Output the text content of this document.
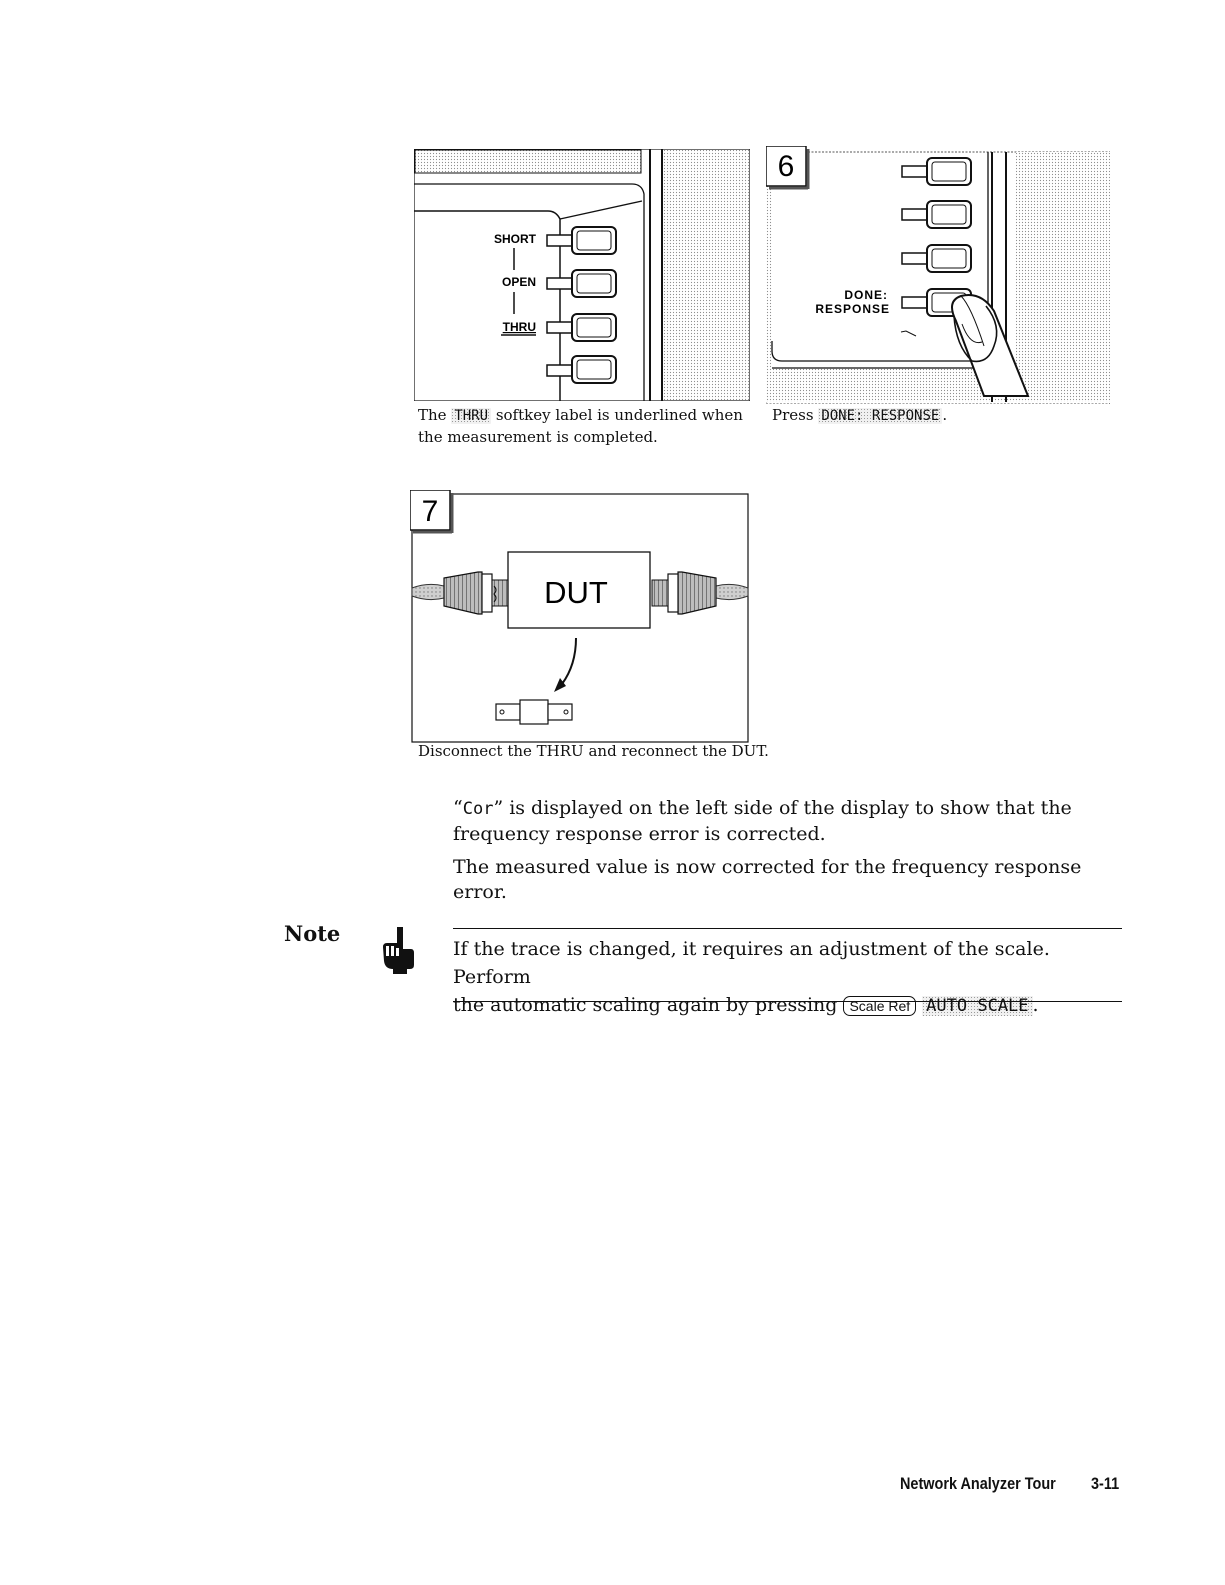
SHORT
OPEN
THRU
The THRU softkey label is underlined when
the measurement is completed.
DONE:
RESPONSE
6
Press DONE: RESPONSE .
DUT
7
Disconnect the THRU and reconnect the DUT.
“Cor” is displayed on the left side of the display to show that the
frequency response error is corrected.
The measured value is now corrected for the frequency response
error.
Note
If the trace is changed, it requires an adjustment of the scale. Perform
the automatic scaling again by pressing Scale Ref AUTO SCALE .
Network Analyzer Tour 3-11
